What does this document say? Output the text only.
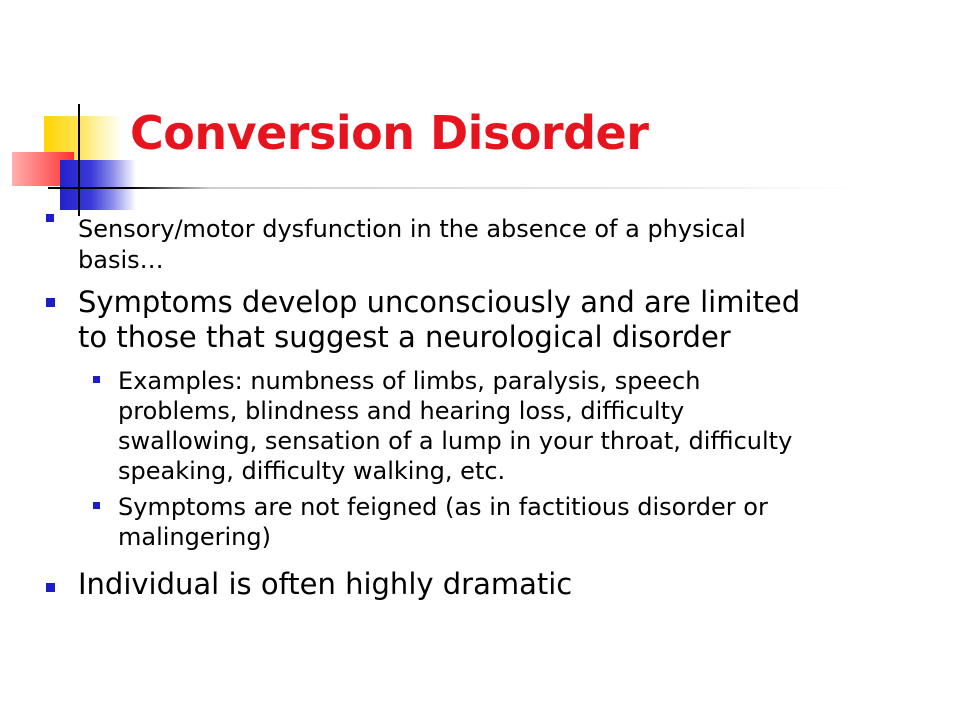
Conversion Disorder
Sensory/motor dysfunction in the absence of a physical
basis…
Symptoms develop unconsciously and are limited
to those that suggest a neurological disorder
Examples: numbness of limbs, paralysis, speech
problems, blindness and hearing loss, difficulty
swallowing, sensation of a lump in your throat, difficulty
speaking, difficulty walking, etc.
Symptoms are not feigned (as in factitious disorder or
malingering)
Individual is often highly dramatic
